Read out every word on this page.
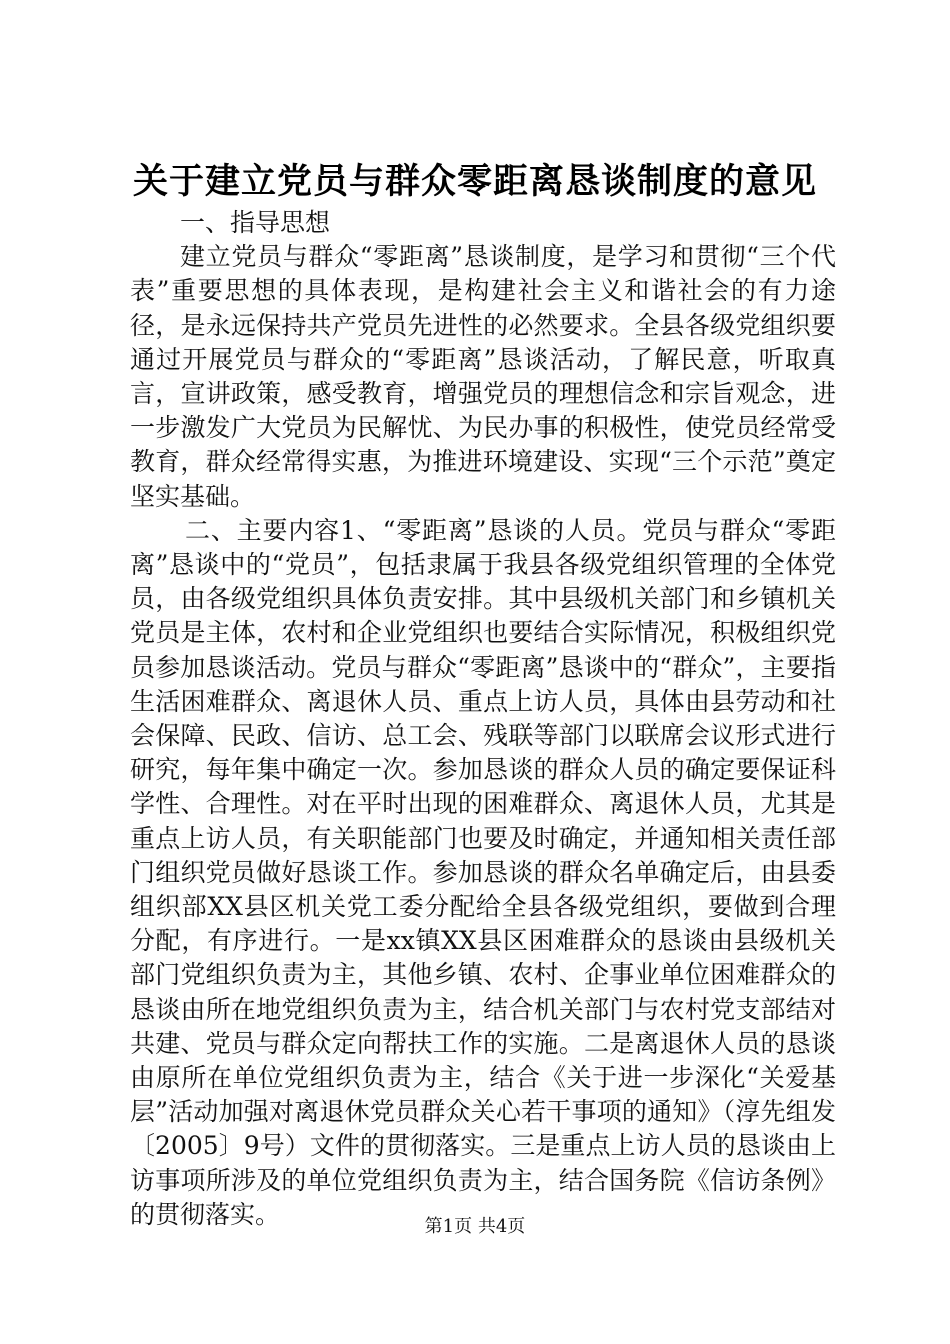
关于建立党员与群众零距离恳谈制度的意见
一、指导思想

建立党员与群众“零距离”恳谈制度，是学习和贯彻“三个代表”重要思想的具体表现，是构建社会主义和谐社会的有力途径，是永远保持共产党员先进性的必然要求。全县各级党组织要通过开展党员与群众的“零距离”恳谈活动，了解民意，听取真言，宣讲政策，感受教育，增强党员的理想信念和宗旨观念，进一步激发广大党员为民解忧、为民办事的积极性，使党员经常受教育，群众经常得实惠，为推进环境建设、实现“三个示范”奠定坚实基础。

二、主要内容1、“零距离”恳谈的人员。党员与群众“零距离”恳谈中的“党员”，包括隶属于我县各级党组织管理的全体党员，由各级党组织具体负责安排。其中县级机关部门和乡镇机关党员是主体，农村和企业党组织也要结合实际情况，积极组织党员参加恳谈活动。党员与群众“零距离”恳谈中的“群众”，主要指生活困难群众、离退休人员、重点上访人员，具体由县劳动和社会保障、民政、信访、总工会、残联等部门以联席会议形式进行研究，每年集中确定一次。参加恳谈的群众人员的确定要保证科学性、合理性。对在平时出现的困难群众、离退休人员，尤其是重点上访人员，有关职能部门也要及时确定，并通知相关责任部门组织党员做好恳谈工作。参加恳谈的群众名单确定后，由县委组织部XX县区机关党工委分配给全县各级党组织，要做到合理分配，有序进行。一是xx镇XX县区困难群众的恳谈由县级机关部门党组织负责为主，其他乡镇、农村、企事业单位困难群众的恳谈由所在地党组织负责为主，结合机关部门与农村党支部结对共建、党员与群众定向帮扶工作的实施。二是离退休人员的恳谈由原所在单位党组织负责为主，结合《关于进一步深化“关爱基层”活动加强对离退休党员群众关心若干事项的通知》（淳先组发〔2005〕9号）文件的贯彻落实。三是重点上访人员的恳谈由上访事项所涉及的单位党组织负责为主，结合国务院《信访条例》的贯彻落实。	第1页 共4页
